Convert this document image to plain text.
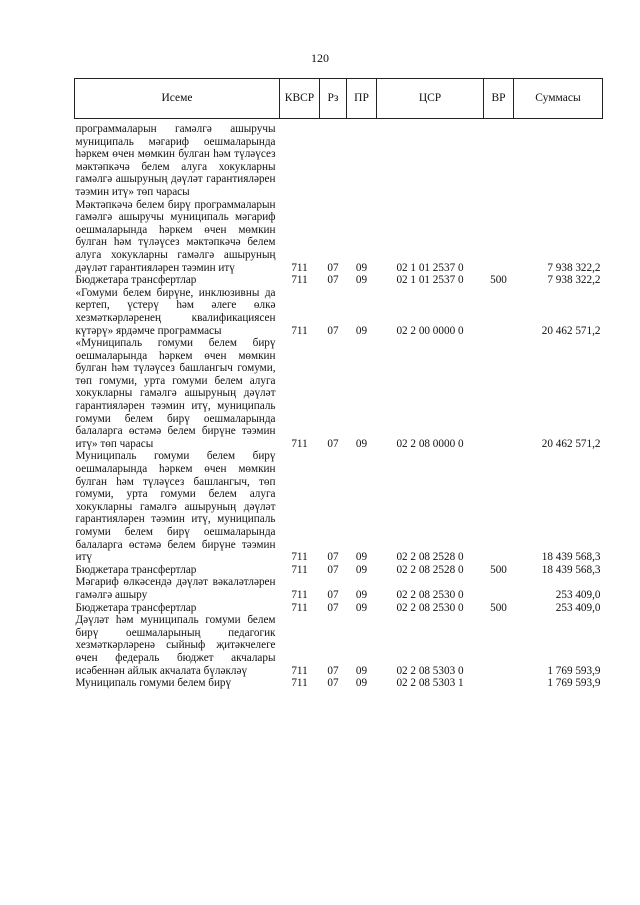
120
Исеме	КВСР	Рз	ПР	ЦСР	ВР	Суммасы
программаларын гамәлгә ашыручы муниципаль мәгариф оешмаларында һәркем өчен мөмкин булган һәм түләүсез мәктәпкәчә белем алугa хокукларны гамәлгә ашыруның дәүләт гарантияләрен тәэмин итү» төп чарасы						
Мәктәпкәчә белем бирү программаларын гамәлгә ашыручы муниципаль мәгариф оешмаларында һәркем өчен мөмкин булган һәм түләүсез мәктәпкәчә белем алугa хокукларны гамәлгә ашыруның дәүләт гарантияләрен тәэмин итү	711	07	09	02 1 01 2537 0		7 938 322,2
Бюджетара трансфертлар	711	07	09	02 1 01 2537 0	500	7 938 322,2
«Гомуми белем бирүне, инклюзивны да кертеп, үстерү һәм әлеге өлкә хезмәткәрләренең квалификациясен күтәрү» ярдәмче программасы	711	07	09	02 2 00 0000 0		20 462 571,2
«Муниципаль гомуми белем бирү оешмаларында һәркем өчен мөмкин булган һәм түләүсез башлангыч гомуми, төп гомуми, урта гомуми белем алугa хокукларны гамәлгә ашыруның дәүләт гарантияләрен тәэмин итү, муниципаль гомуми белем бирү оешмаларында балаларга өстәмә белем бирүне тәэмин итү» төп чарасы	711	07	09	02 2 08 0000 0		20 462 571,2
Муниципаль гомуми белем бирү оешмаларында һәркем өчен мөмкин булган һәм түләүсез башлангыч, төп гомуми, урта гомуми белем алугa хокукларны гамәлгә ашыруның дәүләт гарантияләрен тәэмин итү, муниципаль гомуми белем бирү оешмаларында балаларга өстәмә белем бирүне тәэмин итү	711	07	09	02 2 08 2528 0		18 439 568,3
Бюджетара трансфертлар	711	07	09	02 2 08 2528 0	500	18 439 568,3
Мәгариф өлкәсендә дәүләт вәкаләтләрен гамәлгә ашыру	711	07	09	02 2 08 2530 0		253 409,0
Бюджетара трансфертлар	711	07	09	02 2 08 2530 0	500	253 409,0
Дәүләт һәм муниципаль гомуми белем бирү оешмаларының педагогик хезмәткәрләренә сыйныф җитәкчелеге өчен федераль бюджет акчалары исәбеннән айлык акчалата бүләкләү	711	07	09	02 2 08 5303 0		1 769 593,9
Муниципаль гомуми белем бирү	711	07	09	02 2 08 5303 1		1 769 593,9
